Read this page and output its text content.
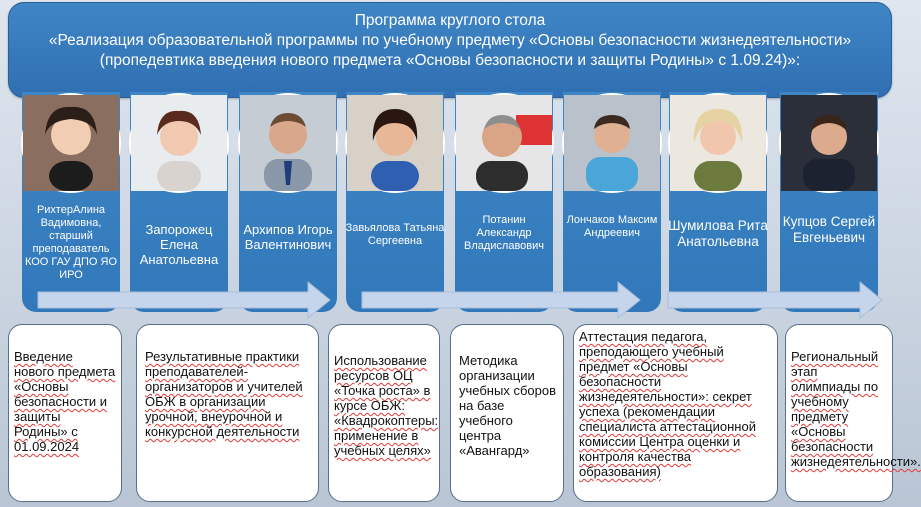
Программа круглого стола
«Реализация образовательной программы по учебному предмету «Основы безопасности жизнедеятельности»
(пропедевтика введения нового предмета «Основы безопасности и защиты Родины» с 1.09.24)»:
РихтерАлина Вадимовна, старший преподаватель КОО ГАУ ДПО ЯО ИРО
Запорожец Елена Анатольевна
Архипов Игорь Валентинович
Завьялова Татьяна Сергеевна
Потанин Александр Владиславович
Лончаков Максим Андреевич	Шумилова Рита Анатольевна
Купцов Сергей Евгеньевич
Введение нового предмета «Основы безопасности и защиты Родины» с 01.09.2024
Результативные практики преподавателей-организаторов и учителей ОБЖ в организации урочной, внеурочной и конкурсной деятельности
Использование ресурсов ОЦ «Точка роста» в курсе ОБЖ: «Квадрокоптеры: применение в учебных целях»
Методика организации учебных сборов на базе учебного центра «Авангард»
Аттестация педагога, преподающего учебный предмет «Основы безопасности жизнедеятельности»: секрет успеха (рекомендации специалиста аттестационной комиссии Центра оценки и контроля качества образования)
Региональный этап олимпиады по учебному предмету «Основы безопасности жизнедеятельности».
